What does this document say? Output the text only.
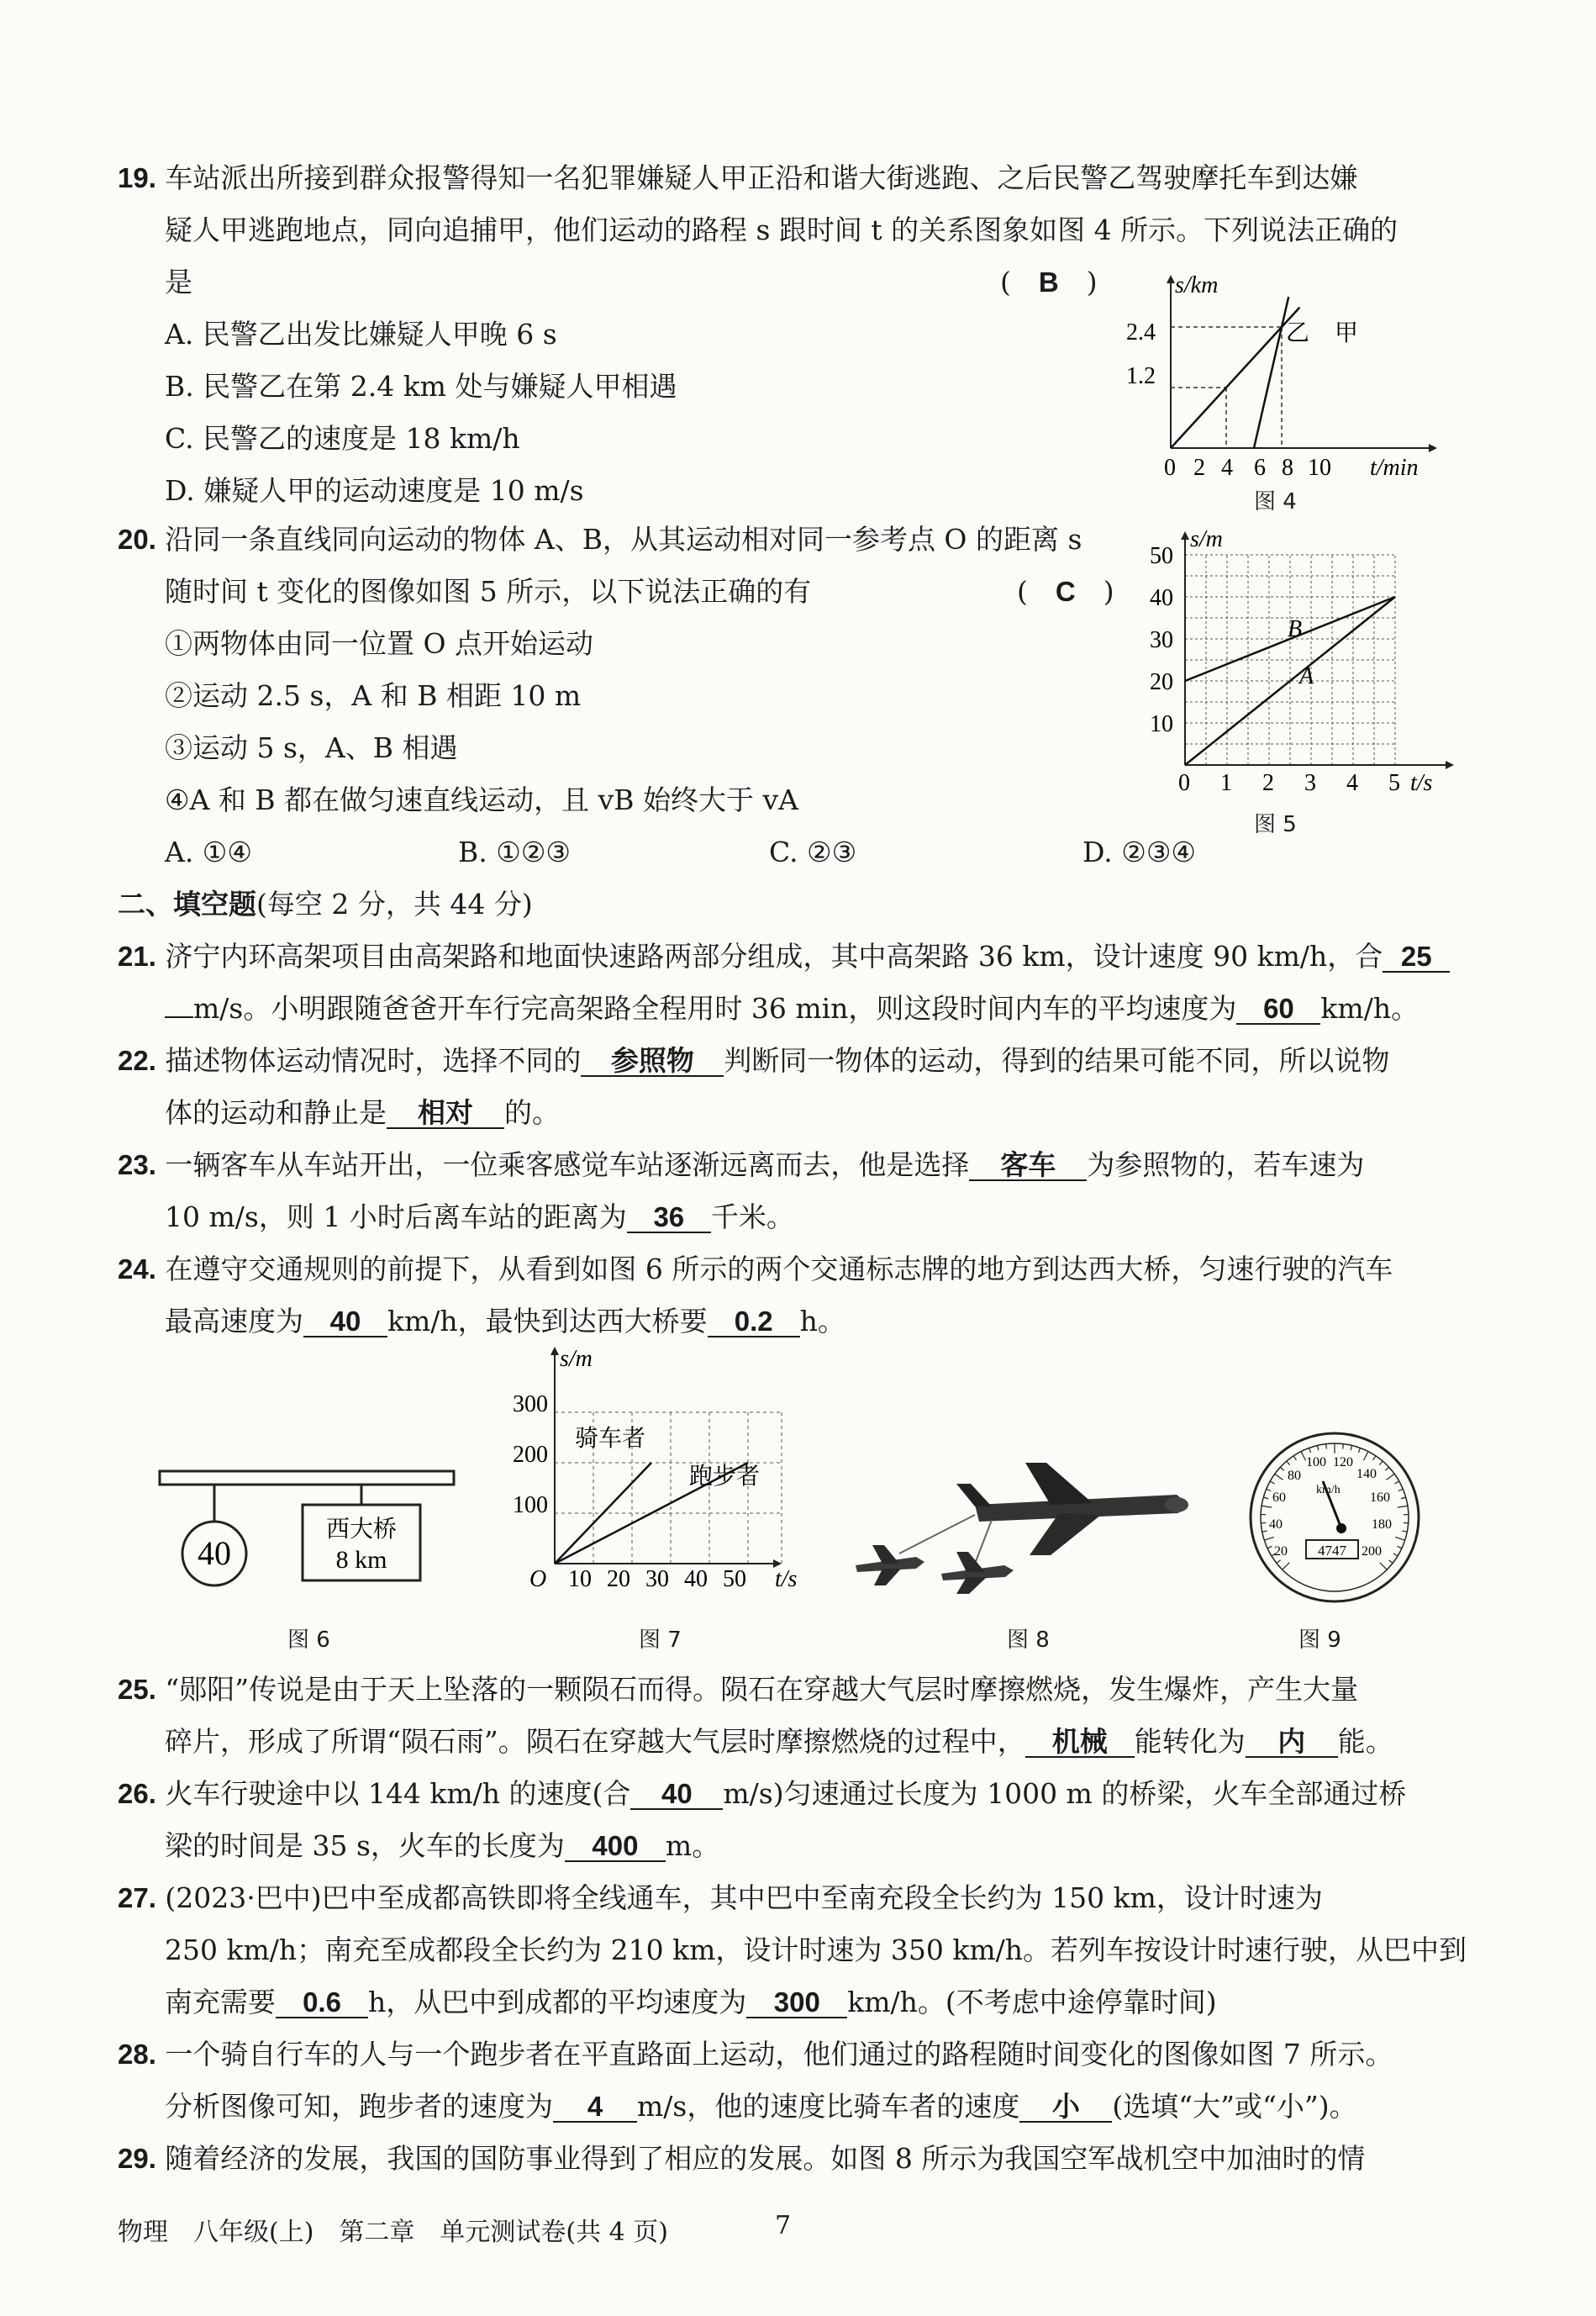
19. 车站派出所接到群众报警得知一名犯罪嫌疑人甲正沿和谐大街逃跑、之后民警乙驾驶摩托车到达嫌
疑人甲逃跑地点，同向追捕甲，他们运动的路程 s 跟时间 t 的关系图象如图 4 所示。下列说法正确的
是	(　B　)
A. 民警乙出发比嫌疑人甲晚 6 s
B. 民警乙在第 2.4 km 处与嫌疑人甲相遇
C. 民警乙的速度是 18 km/h
D. 嫌疑人甲的运动速度是 10 m/s
s/km
t/min
2.4
1.2
0 2 4 6 8 10
乙 甲
图 4
20. 沿同一条直线同向运动的物体 A、B，从其运动相对同一参考点 O 的距离 s
随时间 t 变化的图像如图 5 所示，以下说法正确的有	(　C　)
①两物体由同一位置 O 点开始运动
②运动 2.5 s，A 和 B 相距 10 m
③运动 5 s，A、B 相遇
④A 和 B 都在做匀速直线运动，且 vB 始终大于 vA
A. ①④	B. ①②③	C. ②③	D. ②③④
s/m
t/s
50
40
30
20
10
0 1 2 3 4 5
B
A
图 5
二、填空题(每空 2 分，共 44 分)
21. 济宁内环高架项目由高架路和地面快速路两部分组成，其中高架路 36 km，设计速度 90 km/h，合 25
m/s。小明跟随爸爸开车行完高架路全程用时 36 min，则这段时间内车的平均速度为 60 km/h。
22. 描述物体运动情况时，选择不同的 参照物 判断同一物体的运动，得到的结果可能不同，所以说物
体的运动和静止是 相对 的。
23. 一辆客车从车站开出，一位乘客感觉车站逐渐远离而去，他是选择 客车 为参照物的，若车速为
10 m/s，则 1 小时后离车站的距离为 36 千米。
24. 在遵守交通规则的前提下，从看到如图 6 所示的两个交通标志牌的地方到达西大桥，匀速行驶的汽车
最高速度为 40 km/h，最快到达西大桥要 0.2 h。
40
西大桥
8 km
图 6
s/m
t/s
O
300
200
100
10 20 30 40 50
骑车者
跑步者
图 7	图 8
20
40
60
80
100 120
140
160
180
200
km/h
4747
图 9
25. “郧阳”传说是由于天上坠落的一颗陨石而得。陨石在穿越大气层时摩擦燃烧，发生爆炸，产生大量
碎片，形成了所谓“陨石雨”。陨石在穿越大气层时摩擦燃烧的过程中， 机械 能转化为 内 能。
26. 火车行驶途中以 144 km/h 的速度(合 40 m/s)匀速通过长度为 1000 m 的桥梁，火车全部通过桥
梁的时间是 35 s，火车的长度为 400 m。
27. (2023·巴中)巴中至成都高铁即将全线通车，其中巴中至南充段全长约为 150 km，设计时速为
250 km/h；南充至成都段全长约为 210 km，设计时速为 350 km/h。若列车按设计时速行驶，从巴中到
南充需要 0.6 h，从巴中到成都的平均速度为 300 km/h。(不考虑中途停靠时间)
28. 一个骑自行车的人与一个跑步者在平直路面上运动，他们通过的路程随时间变化的图像如图 7 所示。
分析图像可知，跑步者的速度为 4 m/s，他的速度比骑车者的速度 小 (选填“大”或“小”)。
29. 随着经济的发展，我国的国防事业得到了相应的发展。如图 8 所示为我国空军战机空中加油时的情
物理　八年级(上)　第二章　单元测试卷(共 4 页)	7
